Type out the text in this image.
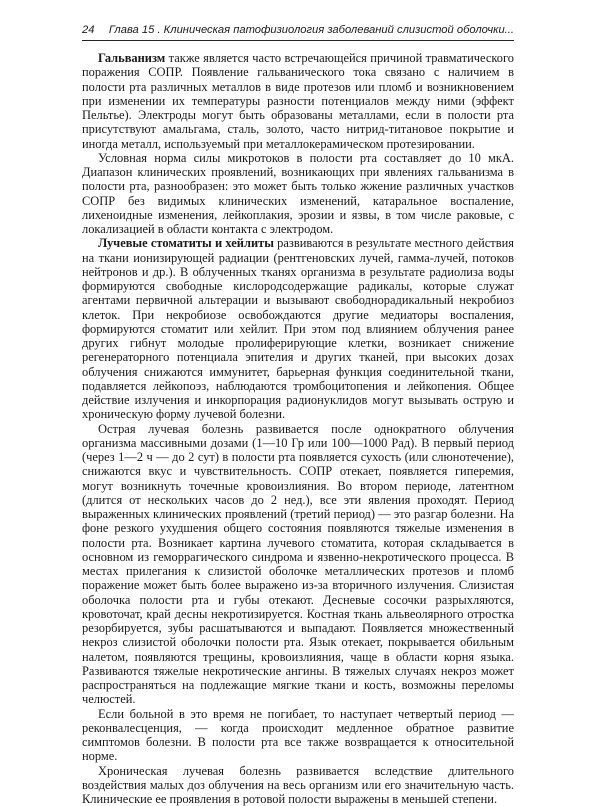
24 Глава 15 . Клиническая патофизиология заболеваний слизистой оболочки...

Гальванизм также является часто встречающейся причиной травматического поражения СОПР. Появление гальванического тока связано с наличием в полости рта различных металлов в виде протезов или пломб и возникновением при изменении их температуры разности потенциалов между ними (эффект Пельтье). Электроды могут быть образованы металлами, если в полости рта присутствуют амальгама, сталь, золото, часто нитрид-титановое покрытие и иногда металл, используемый при металлокерамическом протезировании.

Условная норма силы микротоков в полости рта составляет до 10 мкА. Диапазон клинических проявлений, возникающих при явлениях гальванизма в полости рта, разнообразен: это может быть только жжение различных участков СОПР без видимых клинических изменений, катаральное воспаление, лихеноидные изменения, лейкоплакия, эрозии и язвы, в том числе раковые, с локализацией в области контакта с электродом.

Лучевые стоматиты и хейлиты развиваются в результате местного действия на ткани ионизирующей радиации (рентгеновских лучей, гамма-лучей, потоков нейтронов и др.). В облученных тканях организма в результате радиолиза воды формируются свободные кислородсодержащие радикалы, которые служат агентами первичной альтерации и вызывают свободнорадикальный некробиоз клеток. При некробиозе освобождаются другие медиаторы воспаления, формируются стоматит или хейлит. При этом под влиянием облучения ранее других гибнут молодые пролиферирующие клетки, возникает снижение регенераторного потенциала эпителия и других тканей, при высоких дозах облучения снижаются иммунитет, барьерная функция соединительной ткани, подавляется лейкопоэз, наблюдаются тромбоцитопения и лейкопения. Общее действие излучения и инкорпорация радионуклидов могут вызывать острую и хроническую форму лучевой болезни.

Острая лучевая болезнь развивается после однократного облучения организма массивными дозами (1—10 Гр или 100—1000 Рад). В первый период (через 1—2 ч — до 2 сут) в полости рта появляется сухость (или слюнотечение), снижаются вкус и чувствительность. СОПР отекает, появляется гиперемия, могут возникнуть точечные кровоизлияния. Во втором периоде, латентном (длится от нескольких часов до 2 нед.), все эти явления проходят. Период выраженных клинических проявлений (третий период) — это разгар болезни. На фоне резкого ухудшения общего состояния появляются тяжелые изменения в полости рта. Возникает картина лучевого стоматита, которая складывается в основном из геморрагического синдрома и язвенно-некротического процесса. В местах прилегания к слизистой оболочке металлических протезов и пломб поражение может быть более выражено из-за вторичного излучения. Слизистая оболочка полости рта и губы отекают. Десневые сосочки разрыхляются, кровоточат, край десны некротизируется. Костная ткань альвеолярного отростка резорбируется, зубы расшатываются и выпадают. Появляется множественный некроз слизистой оболочки полости рта. Язык отекает, покрывается обильным налетом, появляются трещины, кровоизлияния, чаще в области корня языка. Развиваются тяжелые некротические ангины. В тяжелых случаях некроз может распространяться на подлежащие мягкие ткани и кость, возможны переломы челюстей.

Если больной в это время не погибает, то наступает четвертый период — реконвалесценция, — когда происходит медленное обратное развитие симптомов болезни. В полости рта все также возвращается к относительной норме.

Хроническая лучевая болезнь развивается вследствие длительного воздействия малых доз облучения на весь организм или его значительную часть. Клинические ее проявления в ротовой полости выражены в меньшей степени.
